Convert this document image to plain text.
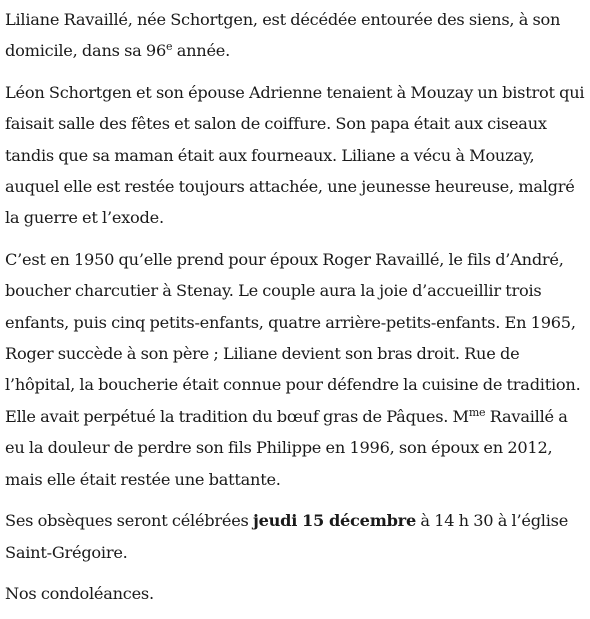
Liliane Ravaillé, née Schortgen, est décédée entourée des siens, à son domicile, dans sa 96e année.

Léon Schortgen et son épouse Adrienne tenaient à Mouzay un bistrot qui faisait salle des fêtes et salon de coiffure. Son papa était aux ciseaux tandis que sa maman était aux fourneaux. Liliane a vécu à Mouzay, auquel elle est restée toujours attachée, une jeunesse heureuse, malgré la guerre et l’exode.

C’est en 1950 qu’elle prend pour époux Roger Ravaillé, le fils d’André, boucher charcutier à Stenay. Le couple aura la joie d’accueillir trois enfants, puis cinq petits-enfants, quatre arrière-petits-enfants. En 1965, Roger succède à son père ; Liliane devient son bras droit. Rue de l’hôpital, la boucherie était connue pour défendre la cuisine de tradition. Elle avait perpétué la tradition du bœuf gras de Pâques. $M^{me}$ Ravaillé a eu la douleur de perdre son fils Philippe en 1996, son époux en 2012, mais elle était restée une battante.

Ses obsèques seront célébrées jeudi 15 décembre à 14 h 30 à l’église Saint-Grégoire.

Nos condoléances.
